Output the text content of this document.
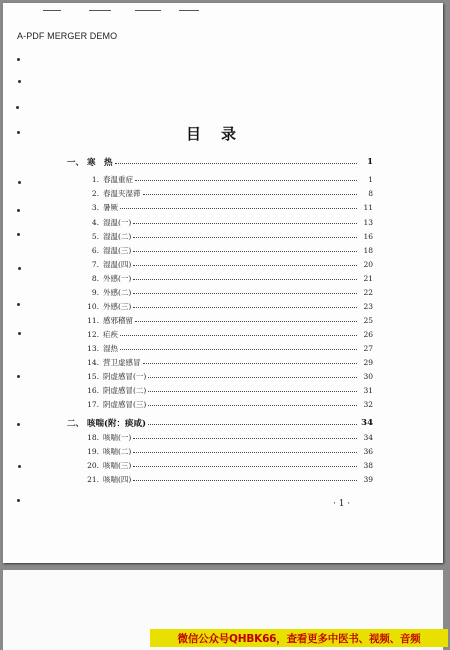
A-PDF MERGER DEMO
目录
一、 寒　热	1
1. 春温重症	1
2. 春温夹湿滞	8
3. 暑厥	11
4. 湿温(一)	13
5. 湿温(二)	16
6. 湿温(三)	18
7. 湿温(四)	20
8. 外感(一)	21
9. 外感(二)	22
10. 外感(三)	23
11. 感邪稽留	25
12. 疟疾	26
13. 湿热	27
14. 营卫虚感冒	29
15. 阴虚感冒(一)	30
16. 阴虚感冒(二)	31
17. 阴虚感冒(三)	32
二、 咳喘(附：痰咸)	34
18. 咳喘(一)	34
19. 咳喘(二)	36
20. 咳喘(三)	38
21. 咳喘(四)	39
· 1 ·
微信公众号QHBK66，查看更多中医书、视频、音频
